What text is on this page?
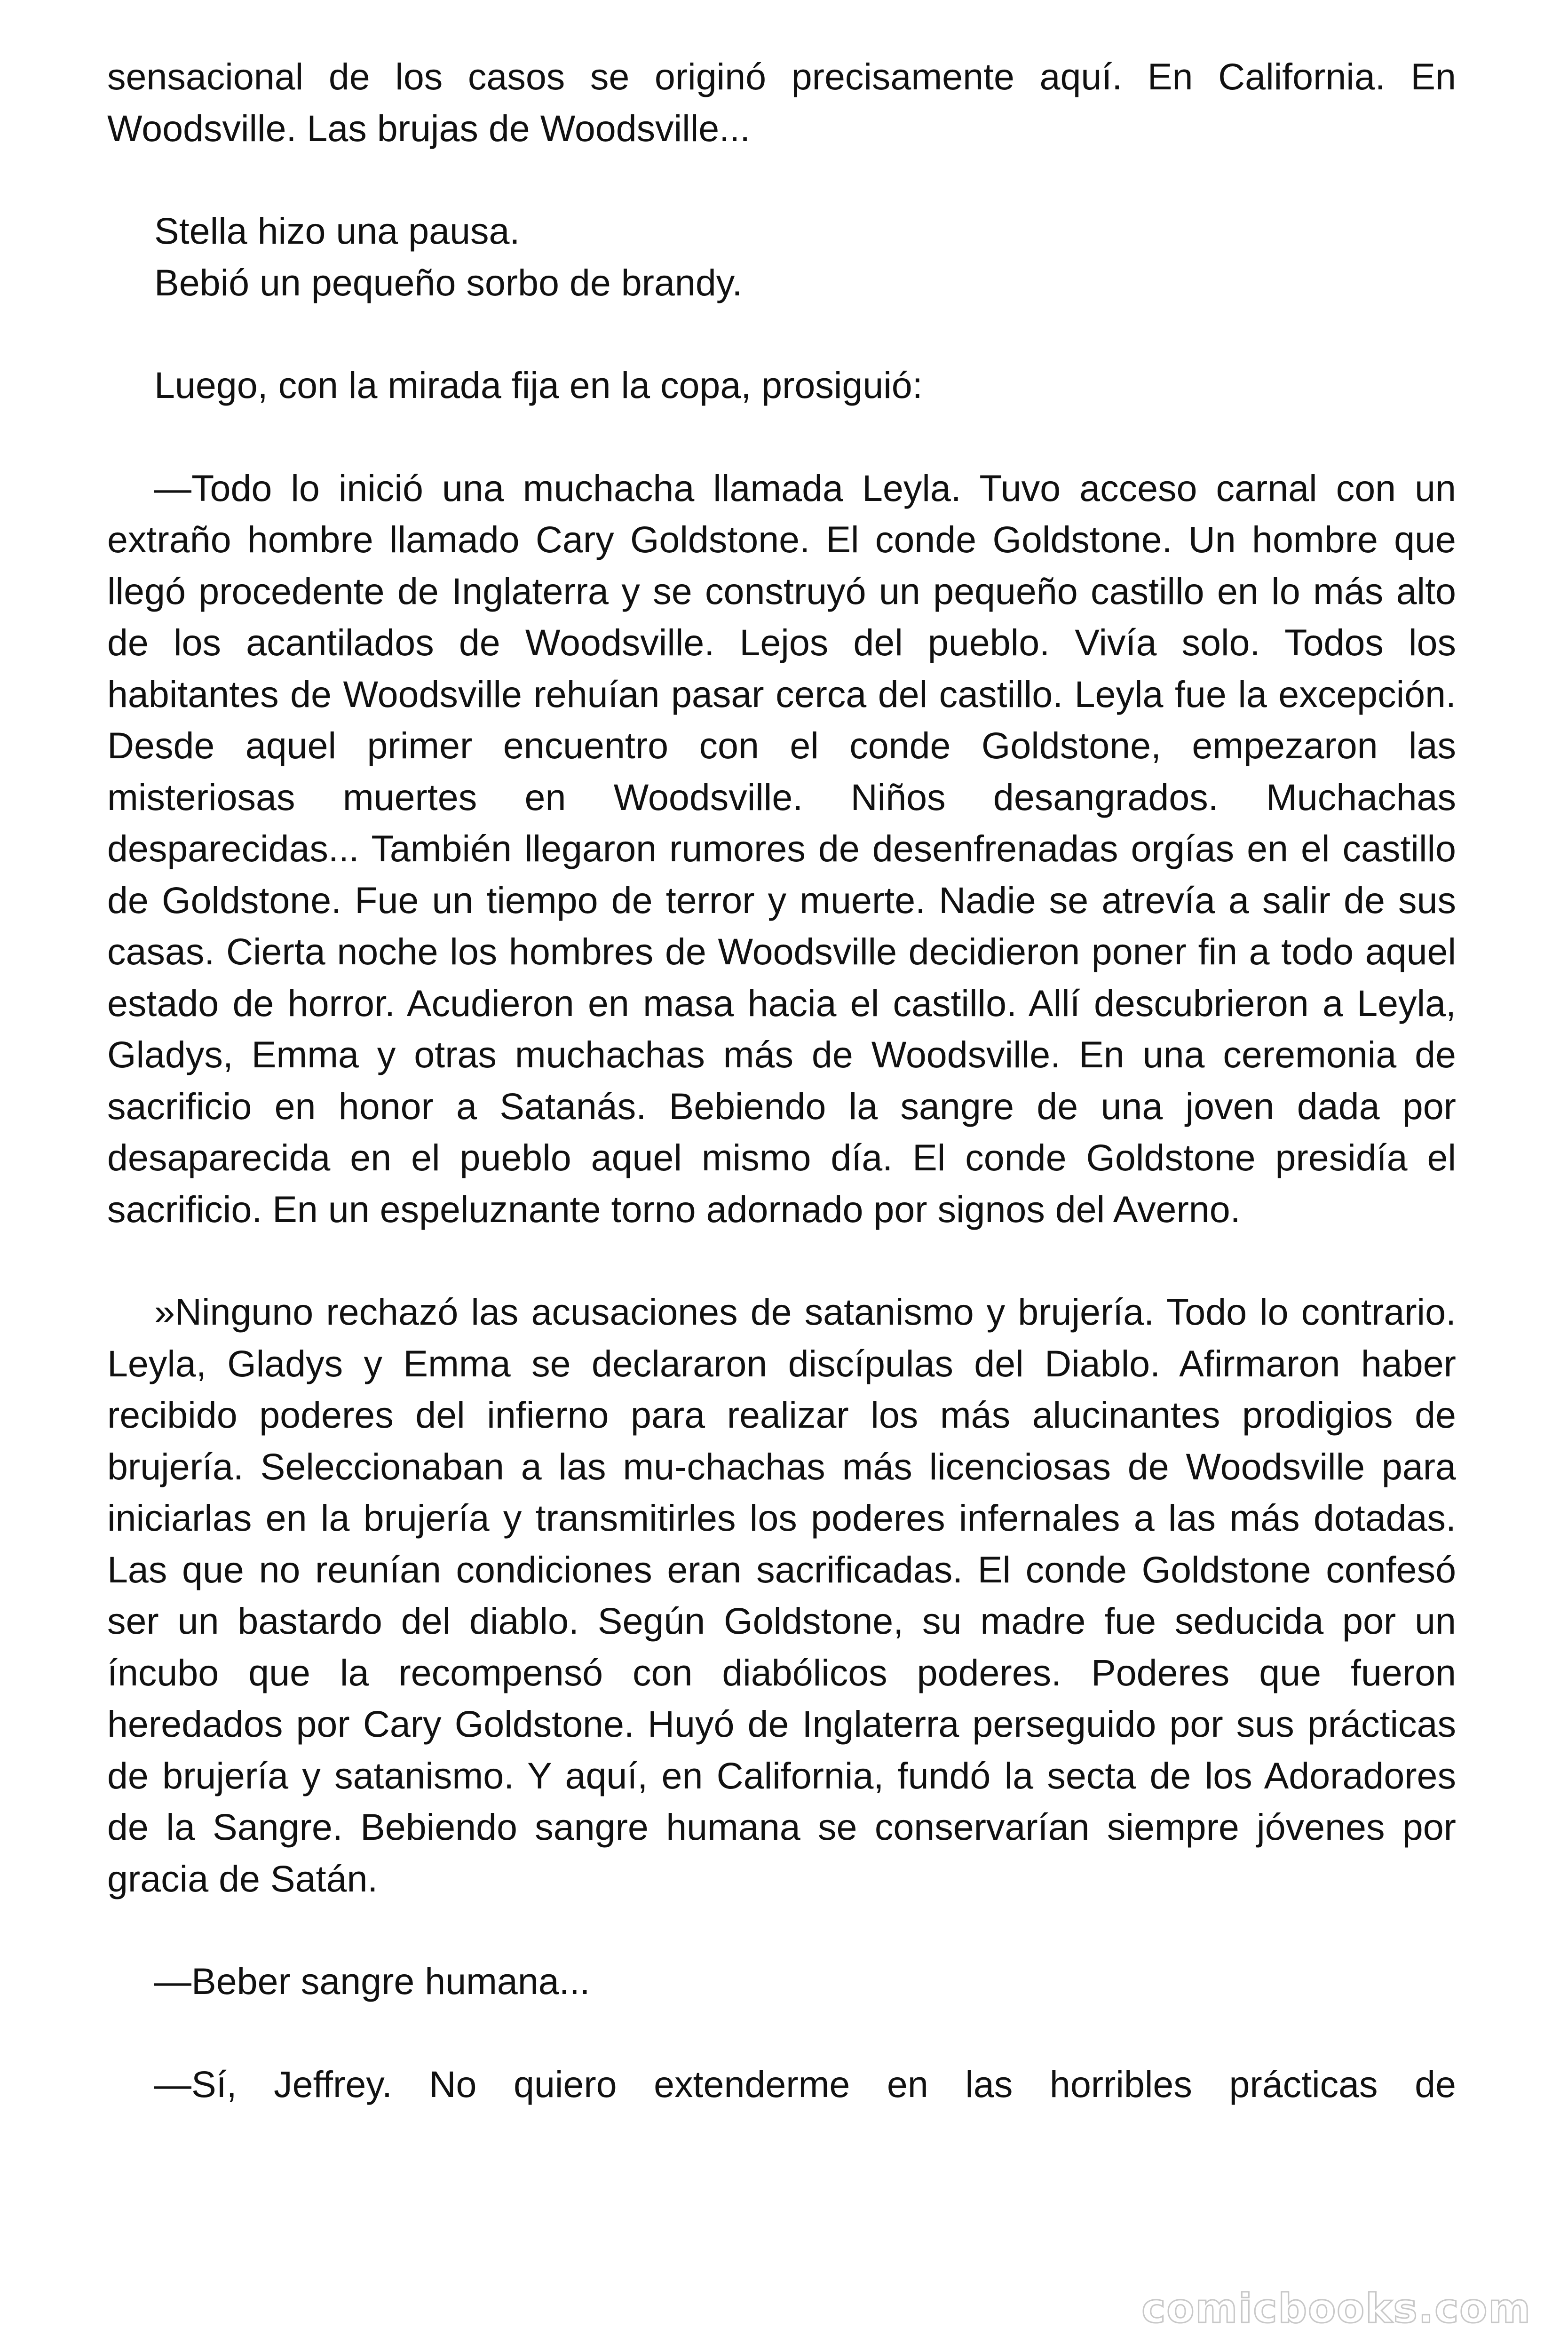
sensacional de los casos se originó precisamente aquí. En California. En Woodsville. Las brujas de Woodsville...

Stella hizo una pausa.

Bebió un pequeño sorbo de brandy.

Luego, con la mirada fija en la copa, prosiguió:

—Todo lo inició una muchacha llamada Leyla. Tuvo acceso carnal con un extraño hombre llamado Cary Goldstone. El conde Goldstone. Un hombre que llegó procedente de Inglaterra y se construyó un pequeño castillo en lo más alto de los acantilados de Woodsville. Lejos del pueblo. Vivía solo. Todos los habitantes de Woodsville rehuían pasar cerca del castillo. Leyla fue la excepción. Desde aquel primer encuentro con el conde Goldstone, empezaron las misteriosas muertes en Woodsville. Niños desangrados. Muchachas desparecidas... También llegaron rumores de desenfrenadas orgías en el castillo de Goldstone. Fue un tiempo de terror y muerte. Nadie se atrevía a salir de sus casas. Cierta noche los hombres de Woodsville decidieron poner fin a todo aquel estado de horror. Acudieron en masa hacia el castillo. Allí descubrieron a Leyla, Gladys, Emma y otras muchachas más de Woodsville. En una ceremonia de sacrificio en honor a Satanás. Bebiendo la sangre de una joven dada por desaparecida en el pueblo aquel mismo día. El conde Goldstone presidía el sacrificio. En un espeluznante torno adornado por signos del Averno.

»Ninguno rechazó las acusaciones de satanismo y brujería. Todo lo contrario. Leyla, Gladys y Emma se declararon discípulas del Diablo. Afirmaron haber recibido poderes del infierno para realizar los más alucinantes prodigios de brujería. Seleccionaban a las mu-chachas más licenciosas de Woodsville para iniciarlas en la brujería y transmitirles los poderes infernales a las más dotadas. Las que no reunían condiciones eran sacrificadas. El conde Goldstone confesó ser un bastardo del diablo. Según Goldstone, su madre fue seducida por un íncubo que la recompensó con diabólicos poderes. Poderes que fueron heredados por Cary Goldstone. Huyó de Inglaterra perseguido por sus prácticas de brujería y satanismo. Y aquí, en California, fundó la secta de los Adoradores de la Sangre. Bebiendo sangre humana se conservarían siempre jóvenes por gracia de Satán.

—Beber sangre humana...

—Sí, Jeffrey. No quiero extenderme en las horribles prácticas de

comicbooks.com
